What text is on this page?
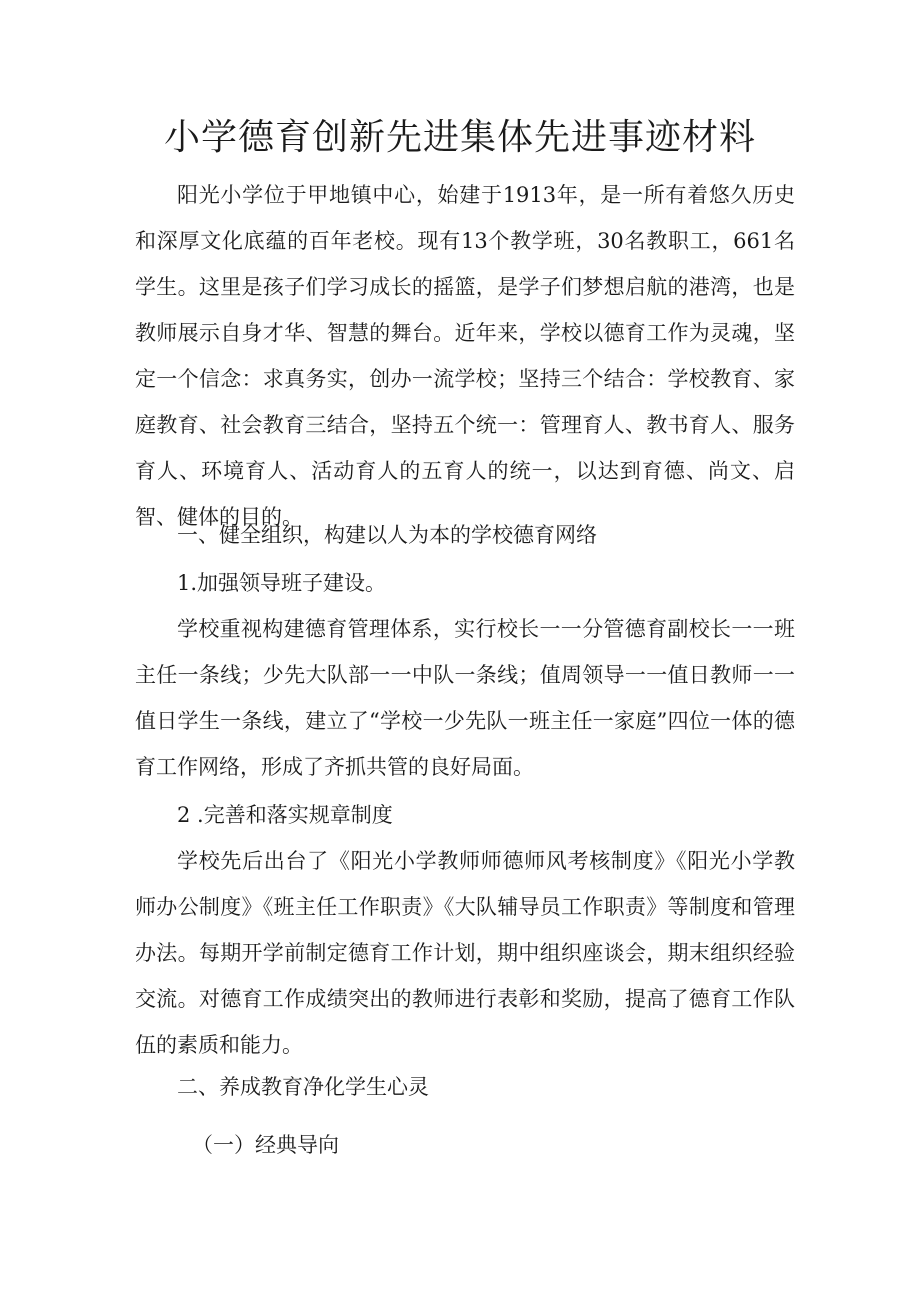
小学德育创新先进集体先进事迹材料

阳光小学位于甲地镇中心，始建于1913年，是一所有着悠久历史和深厚文化底蕴的百年老校。现有13个教学班，30名教职工，661名学生。这里是孩子们学习成长的摇篮，是学子们梦想启航的港湾，也是教师展示自身才华、智慧的舞台。近年来，学校以德育工作为灵魂，坚定一个信念：求真务实，创办一流学校；坚持三个结合：学校教育、家庭教育、社会教育三结合，坚持五个统一：管理育人、教书育人、服务育人、环境育人、活动育人的五育人的统一，以达到育德、尚文、启智、健体的目的。

一、健全组织，构建以人为本的学校德育网络

1.加强领导班子建设。

学校重视构建德育管理体系，实行校长一一分管德育副校长一一班主任一条线；少先大队部一一中队一条线；值周领导一一值日教师一一值日学生一条线，建立了“学校一少先队一班主任一家庭”四位一体的德育工作网络，形成了齐抓共管的良好局面。

2 .完善和落实规章制度

学校先后出台了《阳光小学教师师德师风考核制度》《阳光小学教师办公制度》《班主任工作职责》《大队辅导员工作职责》等制度和管理办法。每期开学前制定德育工作计划，期中组织座谈会，期末组织经验交流。对德育工作成绩突出的教师进行表彰和奖励，提高了德育工作队伍的素质和能力。

二、养成教育净化学生心灵

（一）经典导向
